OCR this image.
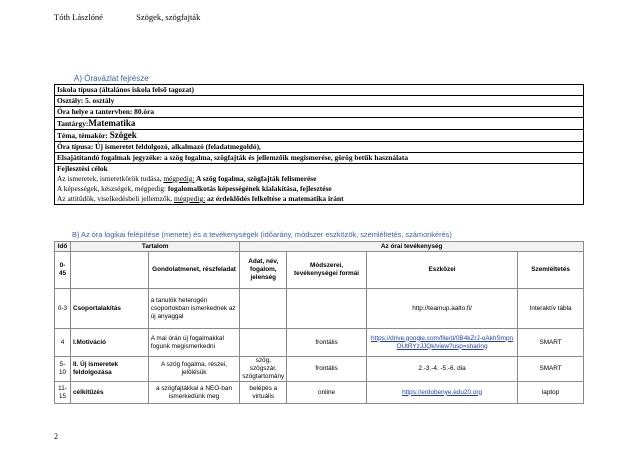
Tóth Lászlóné	Szögek, szögfajták
A) Óravázlat fejrésze
Iskola típusa (általános iskola felső tagozat)
Osztály: 5. osztály
Óra helye a tantervben: 80.óra
Tantárgy:Matematika
Téma, témakör: Szögek
Óra típusa: Új ismeretet feldolgozó, alkalmazó (feladatmegoldó),
Elsajátítandó fogalmak jegyzéke: a szög fogalma, szögfajták és jellemzőik megismerése, görög betűk használata
Fejlesztési célok
Az ismeretek, ismeretkörök tudása, mégpedig: A szög fogalma, szögfajták felismerése
A képességek, készségek, mégpedig: fogalomalkotás képességének kialakítása, fejlesztése
Az attitűdök, viselkedésbeli jellemzők, mégpedig: az érdeklődés felkeltése a matematika iránt
B) Az óra logikai felépítése (menete) és a tevékenységek (időarány, módszer eszközök, szemléltetés, számonkérés)
Idő	Tartalom		Az órai tevékenység			
0-45		Gondolatmenet, részfeladat	Adat, név, fogalom, jelenség	Módszerei, tevékenységei formái	Eszközei	Szemléltetés
0-3	Csoportalakítás	a tanulók heterogén csoportokban ismerkednek az új anyaggal			http://teamup.aalto.fi/	Interaktív tábla
4	I.Motiváció	A mai órán új fogalmakkal fogunk megismerkedni		frontális	https://drive.google.com/file/d/0B4kZrJ-oAkhSmpnOUtRYzJJQk/view?usp=sharing	SMART
5-10	II. Új ismeretek feldolgozása	A szög fogalma, részei, jelölésük	szög, szögszár, szögtartomány	frontális	2.-3.-4. -5.-6. dia	SMART
11-15	célkitűzés	a szögfajtákkal a NEO-ban ismerkedünk meg	belépés a virtuális	online	https://erdobenye.edu20.org	laptop
2
